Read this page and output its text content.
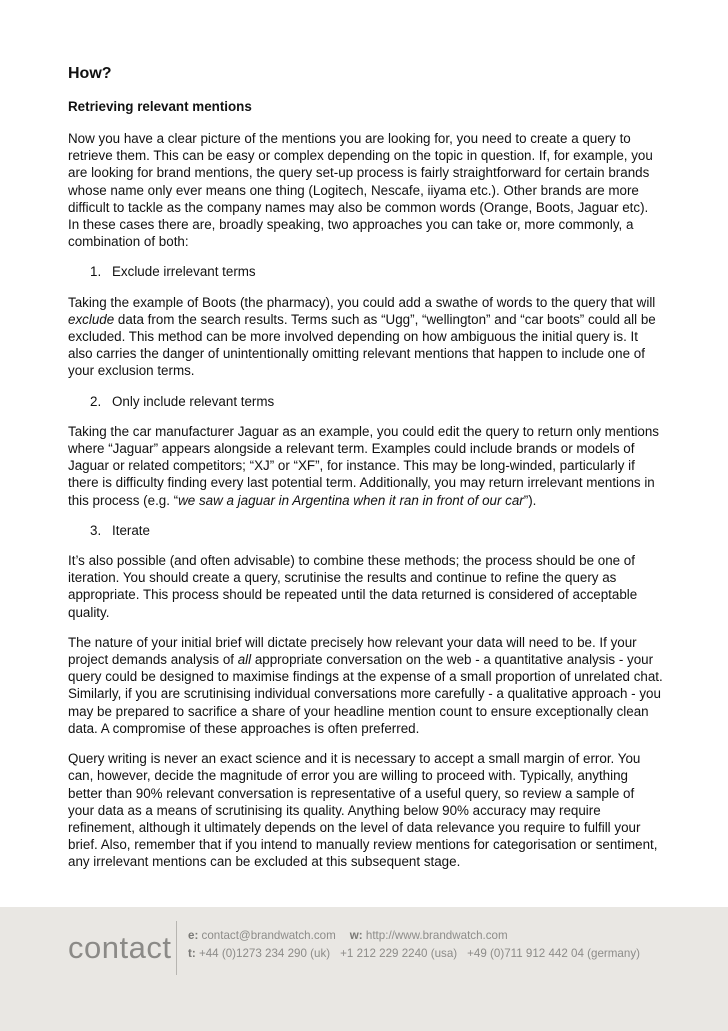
How?
Retrieving relevant mentions

Now you have a clear picture of the mentions you are looking for, you need to create a query to retrieve them. This can be easy or complex depending on the topic in question. If, for example, you are looking for brand mentions, the query set-up process is fairly straightforward for certain brands whose name only ever means one thing (Logitech, Nescafe, iiyama etc.). Other brands are more difficult to tackle as the company names may also be common words (Orange, Boots, Jaguar etc). In these cases there are, broadly speaking, two approaches you can take or, more commonly, a combination of both:

1. Exclude irrelevant terms

Taking the example of Boots (the pharmacy), you could add a swathe of words to the query that will exclude data from the search results. Terms such as “Ugg”, “wellington” and “car boots” could all be excluded. This method can be more involved depending on how ambiguous the initial query is. It also carries the danger of unintentionally omitting relevant mentions that happen to include one of your exclusion terms.

2. Only include relevant terms

Taking the car manufacturer Jaguar as an example, you could edit the query to return only mentions where “Jaguar” appears alongside a relevant term. Examples could include brands or models of Jaguar or related competitors; “XJ” or “XF”, for instance. This may be long-winded, particularly if there is difficulty finding every last potential term. Additionally, you may return irrelevant mentions in this process (e.g. “we saw a jaguar in Argentina when it ran in front of our car”).

3. Iterate

It’s also possible (and often advisable) to combine these methods; the process should be one of iteration. You should create a query, scrutinise the results and continue to refine the query as appropriate. This process should be repeated until the data returned is considered of acceptable quality.

The nature of your initial brief will dictate precisely how relevant your data will need to be. If your project demands analysis of all appropriate conversation on the web - a quantitative analysis - your query could be designed to maximise findings at the expense of a small proportion of unrelated chat. Similarly, if you are scrutinising individual conversations more carefully - a qualitative approach - you may be prepared to sacrifice a share of your headline mention count to ensure exceptionally clean data. A compromise of these approaches is often preferred.

Query writing is never an exact science and it is necessary to accept a small margin of error. You can, however, decide the magnitude of error you are willing to proceed with. Typically, anything better than 90% relevant conversation is representative of a useful query, so review a sample of your data as a means of scrutinising its quality. Anything below 90% accuracy may require refinement, although it ultimately depends on the level of data relevance you require to fulfill your brief. Also, remember that if you intend to manually review mentions for categorisation or sentiment, any irrelevant mentions can be excluded at this subsequent stage.

contact e: contact@brandwatch.com w: http://www.brandwatch.com
t: +44 (0)1273 234 290 (uk) +1 212 229 2240 (usa) +49 (0)711 912 442 04 (germany)
